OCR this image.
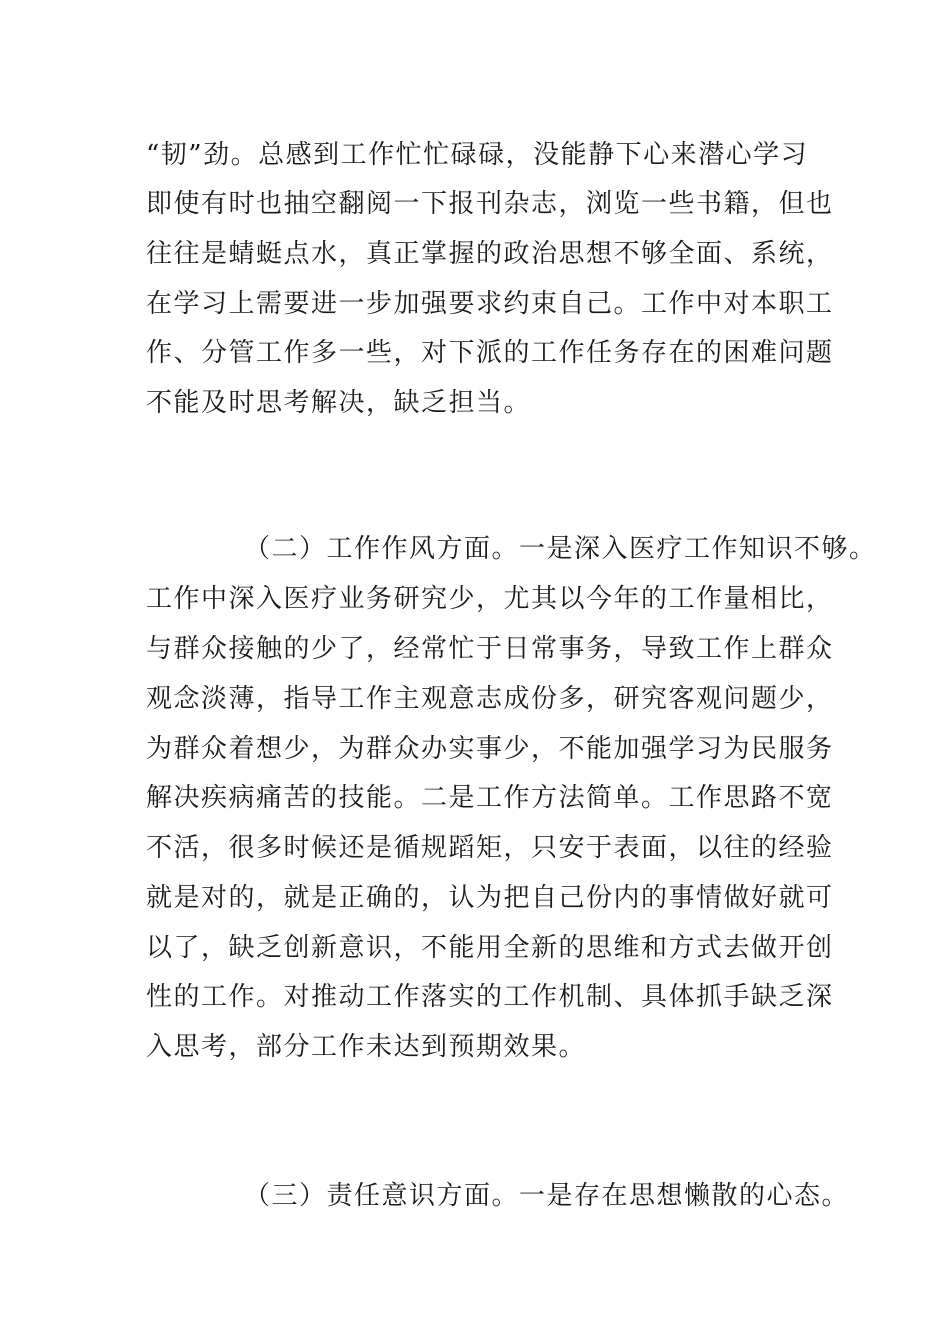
“韧”劲。总感到工作忙忙碌碌，没能静下心来潜心学习
即使有时也抽空翻阅一下报刊杂志，浏览一些书籍，但也
往往是蜻蜓点水，真正掌握的政治思想不够全面、系统，
在学习上需要进一步加强要求约束自己。工作中对本职工
作、分管工作多一些，对下派的工作任务存在的困难问题
不能及时思考解决，缺乏担当。
（二）工作作风方面。一是深入医疗工作知识不够。
工作中深入医疗业务研究少，尤其以今年的工作量相比，
与群众接触的少了，经常忙于日常事务，导致工作上群众
观念淡薄，指导工作主观意志成份多，研究客观问题少，
为群众着想少，为群众办实事少，不能加强学习为民服务
解决疾病痛苦的技能。二是工作方法简单。工作思路不宽
不活，很多时候还是循规蹈矩，只安于表面，以往的经验
就是对的，就是正确的，认为把自己份内的事情做好就可
以了，缺乏创新意识，不能用全新的思维和方式去做开创
性的工作。对推动工作落实的工作机制、具体抓手缺乏深
入思考，部分工作未达到预期效果。
（三）责任意识方面。一是存在思想懒散的心态。
